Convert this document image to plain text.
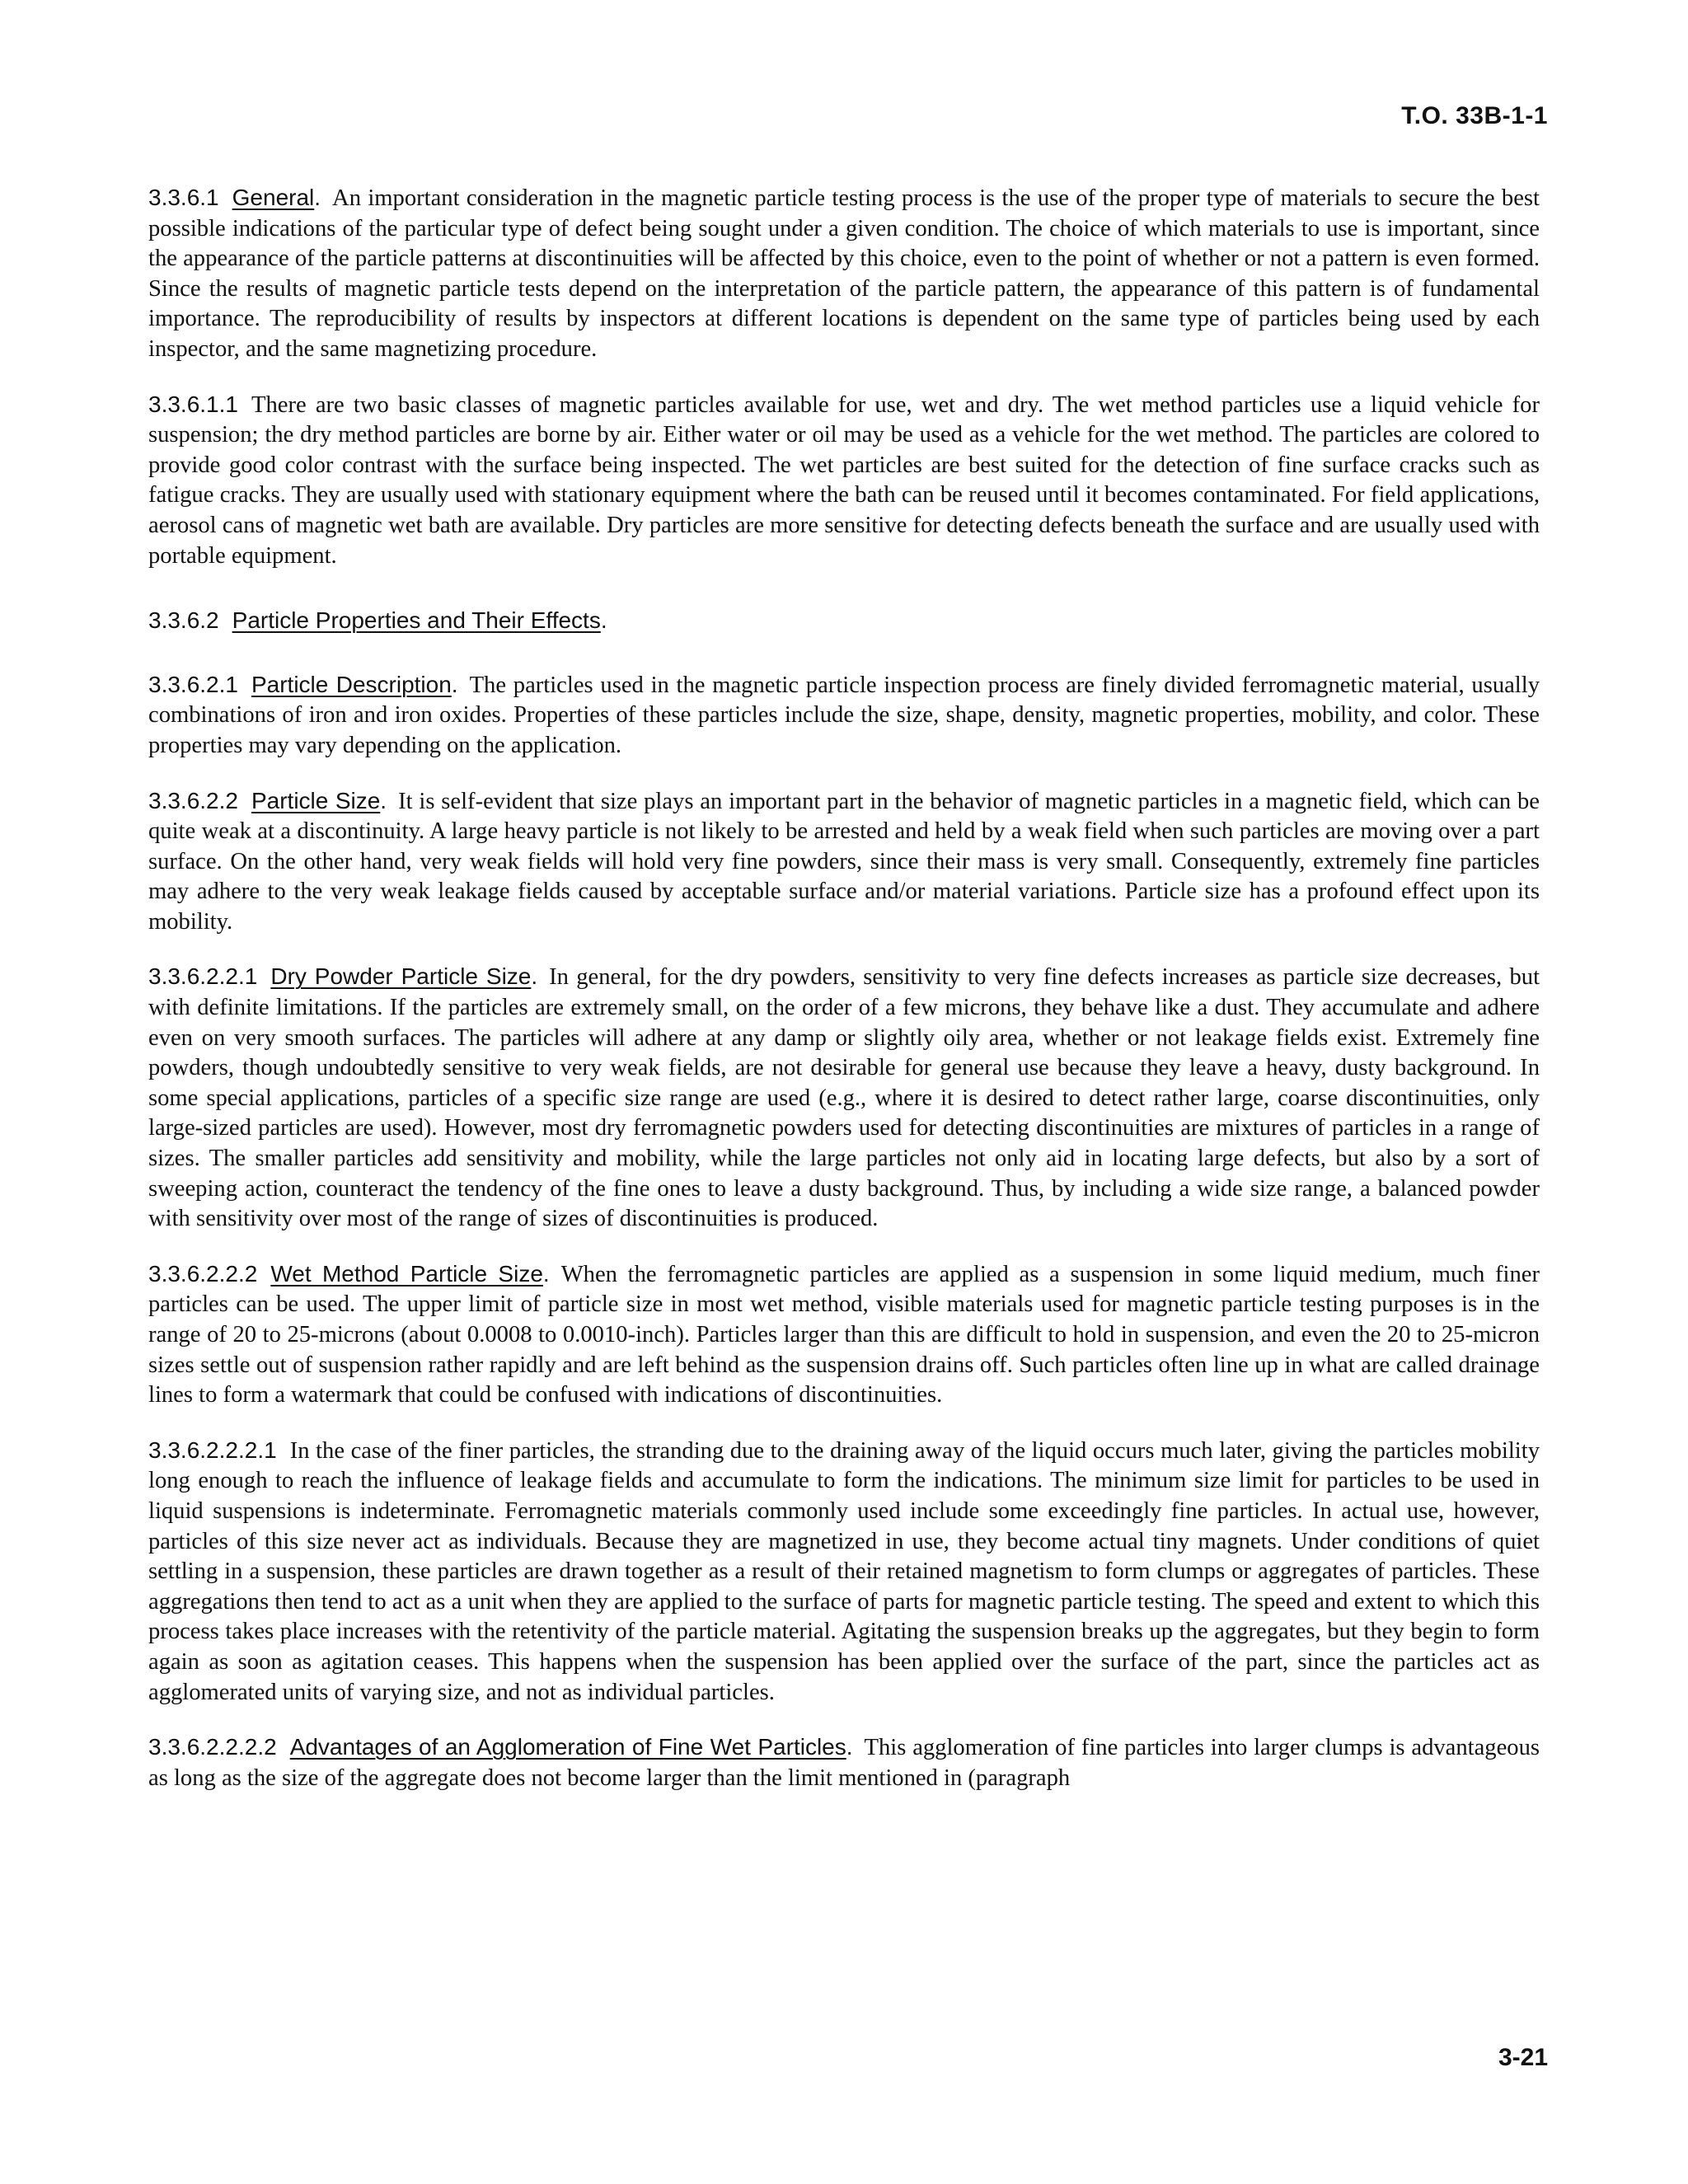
T.O. 33B-1-1

3.3.6.1 General. An important consideration in the magnetic particle testing process is the use of the proper type of materials to secure the best possible indications of the particular type of defect being sought under a given condition. The choice of which materials to use is important, since the appearance of the particle patterns at discontinuities will be affected by this choice, even to the point of whether or not a pattern is even formed. Since the results of magnetic particle tests depend on the interpretation of the particle pattern, the appearance of this pattern is of fundamental importance. The reproducibility of results by inspectors at different locations is dependent on the same type of particles being used by each inspector, and the same magnetizing procedure.

3.3.6.1.1 There are two basic classes of magnetic particles available for use, wet and dry. The wet method particles use a liquid vehicle for suspension; the dry method particles are borne by air. Either water or oil may be used as a vehicle for the wet method. The particles are colored to provide good color contrast with the surface being inspected. The wet particles are best suited for the detection of fine surface cracks such as fatigue cracks. They are usually used with stationary equipment where the bath can be reused until it becomes contaminated. For field applications, aerosol cans of magnetic wet bath are available. Dry particles are more sensitive for detecting defects beneath the surface and are usually used with portable equipment.

3.3.6.2 Particle Properties and Their Effects.

3.3.6.2.1 Particle Description. The particles used in the magnetic particle inspection process are finely divided ferromagnetic material, usually combinations of iron and iron oxides. Properties of these particles include the size, shape, density, magnetic properties, mobility, and color. These properties may vary depending on the application.

3.3.6.2.2 Particle Size. It is self-evident that size plays an important part in the behavior of magnetic particles in a magnetic field, which can be quite weak at a discontinuity. A large heavy particle is not likely to be arrested and held by a weak field when such particles are moving over a part surface. On the other hand, very weak fields will hold very fine powders, since their mass is very small. Consequently, extremely fine particles may adhere to the very weak leakage fields caused by acceptable surface and/or material variations. Particle size has a profound effect upon its mobility.

3.3.6.2.2.1 Dry Powder Particle Size. In general, for the dry powders, sensitivity to very fine defects increases as particle size decreases, but with definite limitations. If the particles are extremely small, on the order of a few microns, they behave like a dust. They accumulate and adhere even on very smooth surfaces. The particles will adhere at any damp or slightly oily area, whether or not leakage fields exist. Extremely fine powders, though undoubtedly sensitive to very weak fields, are not desirable for general use because they leave a heavy, dusty background. In some special applications, particles of a specific size range are used (e.g., where it is desired to detect rather large, coarse discontinuities, only large-sized particles are used). However, most dry ferromagnetic powders used for detecting discontinuities are mixtures of particles in a range of sizes. The smaller particles add sensitivity and mobility, while the large particles not only aid in locating large defects, but also by a sort of sweeping action, counteract the tendency of the fine ones to leave a dusty background. Thus, by including a wide size range, a balanced powder with sensitivity over most of the range of sizes of discontinuities is produced.

3.3.6.2.2.2 Wet Method Particle Size. When the ferromagnetic particles are applied as a suspension in some liquid medium, much finer particles can be used. The upper limit of particle size in most wet method, visible materials used for magnetic particle testing purposes is in the range of 20 to 25-microns (about 0.0008 to 0.0010-inch). Particles larger than this are difficult to hold in suspension, and even the 20 to 25-micron sizes settle out of suspension rather rapidly and are left behind as the suspension drains off. Such particles often line up in what are called drainage lines to form a watermark that could be confused with indications of discontinuities.

3.3.6.2.2.2.1 In the case of the finer particles, the stranding due to the draining away of the liquid occurs much later, giving the particles mobility long enough to reach the influence of leakage fields and accumulate to form the indications. The minimum size limit for particles to be used in liquid suspensions is indeterminate. Ferromagnetic materials commonly used include some exceedingly fine particles. In actual use, however, particles of this size never act as individuals. Because they are magnetized in use, they become actual tiny magnets. Under conditions of quiet settling in a suspension, these particles are drawn together as a result of their retained magnetism to form clumps or aggregates of particles. These aggregations then tend to act as a unit when they are applied to the surface of parts for magnetic particle testing. The speed and extent to which this process takes place increases with the retentivity of the particle material. Agitating the suspension breaks up the aggregates, but they begin to form again as soon as agitation ceases. This happens when the suspension has been applied over the surface of the part, since the particles act as agglomerated units of varying size, and not as individual particles.

3.3.6.2.2.2.2 Advantages of an Agglomeration of Fine Wet Particles. This agglomeration of fine particles into larger clumps is advantageous as long as the size of the aggregate does not become larger than the limit mentioned in (paragraph

3-21
